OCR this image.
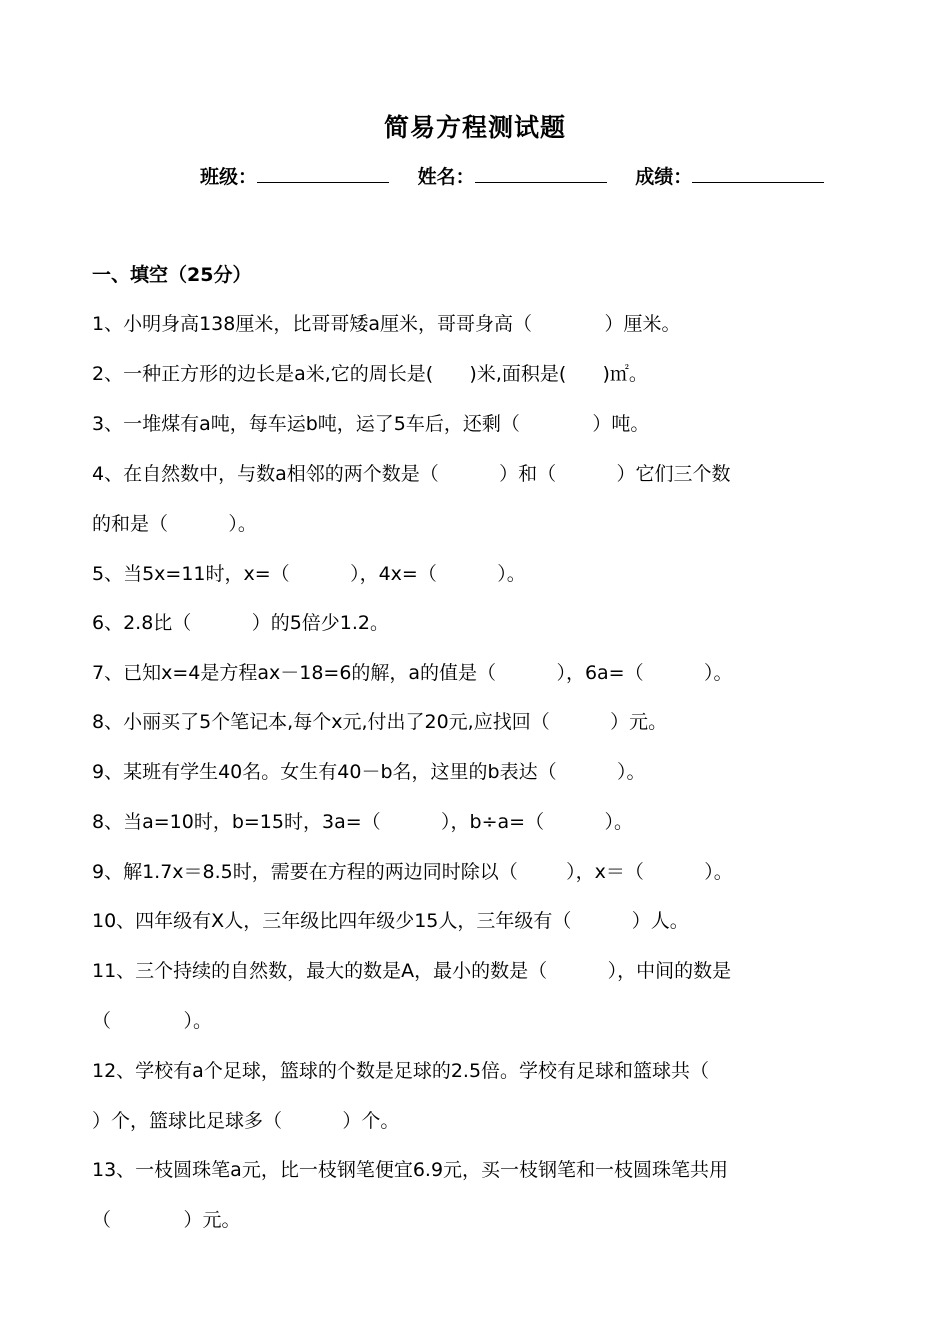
简易方程测试题
班级：	姓名：	成绩：
一、填空（25分）
1、小明身高138厘米，比哥哥矮a厘米，哥哥身高（            ）厘米。
2、一种正方形的边长是a米,它的周长是(      )米,面积是(      )㎡。
3、一堆煤有a吨，每车运b吨，运了5车后，还剩（            ）吨。
4、在自然数中，与数a相邻的两个数是（          ）和（          ）它们三个数
的和是（          ）。
5、当5x=11时，x=（          ），4x=（          ）。
6、2.8比（          ）的5倍少1.2。
7、已知x=4是方程ax－18=6的解，a的值是（          ），6a=（          ）。
8、小丽买了5个笔记本,每个x元,付出了20元,应找回（          ）元。
9、某班有学生40名。女生有40－b名，这里的b表达（          ）。
8、当a=10时，b=15时，3a=（          ），b÷a=（          ）。
9、解1.7x＝8.5时，需要在方程的两边同时除以（        ），x＝（          ）。
10、四年级有X人，三年级比四年级少15人，三年级有（          ）人。
11、三个持续的自然数，最大的数是A，最小的数是（          ），中间的数是
（            ）。
12、学校有a个足球，篮球的个数是足球的2.5倍。学校有足球和篮球共（
）个，篮球比足球多（          ）个。
13、一枝圆珠笔a元，比一枝钢笔便宜6.9元，买一枝钢笔和一枝圆珠笔共用
（            ）元。
